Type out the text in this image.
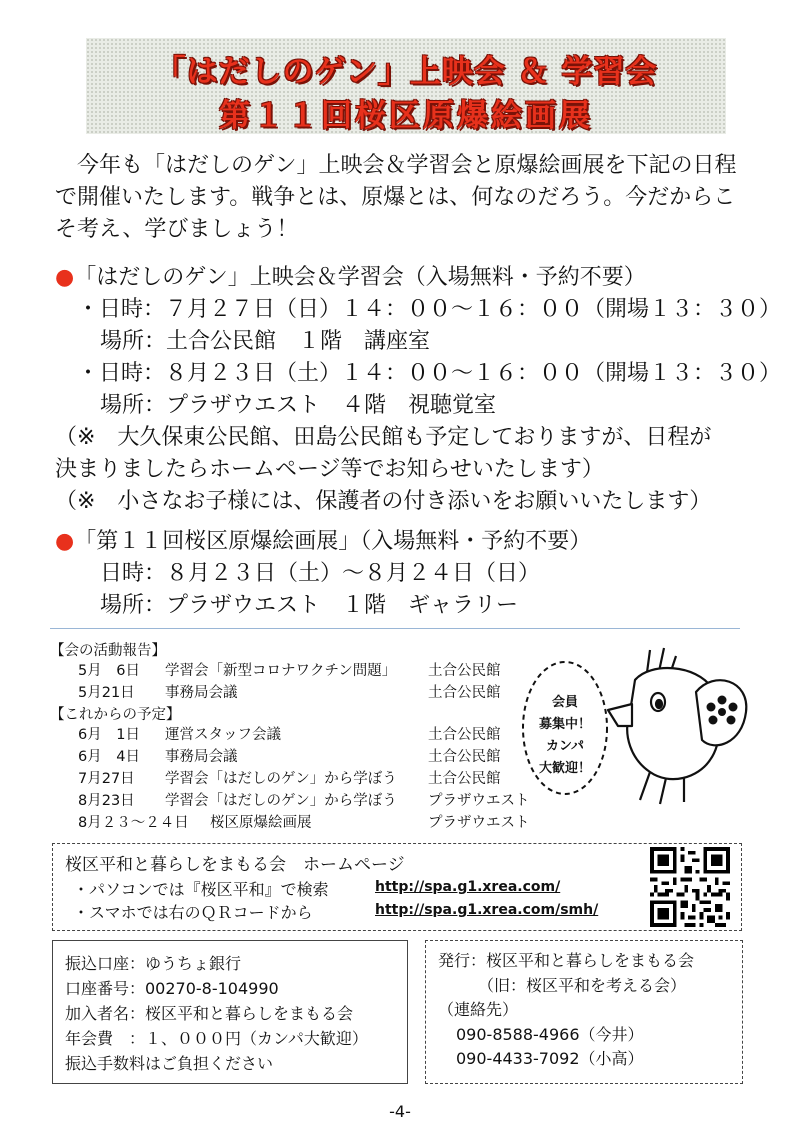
「はだしのゲン」上映会 ＆ 学習会
第１１回桜区原爆絵画展

　今年も「はだしのゲン」上映会＆学習会と原爆絵画展を下記の日程で開催いたします。戦争とは、原爆とは、何なのだろう。今だからこそ考え、学びましょう！

●「はだしのゲン」上映会＆学習会（入場無料・予約不要）
・日時：７月２７日（日）１４：００～１６：００（開場１３：３０）
場所：土合公民館　１階　講座室
・日時：８月２３日（土）１４：００～１６：００（開場１３：３０）
場所：プラザウエスト　４階　視聴覚室
（※　大久保東公民館、田島公民館も予定しておりますが、日程が
決まりましたらホームページ等でお知らせいたします）
（※　小さなお子様には、保護者の付き添いをお願いいたします）
●「第１１回桜区原爆絵画展」（入場無料・予約不要）
日時：８月２３日（土）～８月２４日（日）
場所：プラザウエスト　１階　ギャラリー
【会の活動報告】
5月　6日 学習会「新型コロナワクチン問題」 土合公民館
5月21日 事務局会議	土合公民館
【これからの予定】
6月　1日 運営スタッフ会議	土合公民館
6月　4日 事務局会議	土合公民館
7月27日 学習会「はだしのゲン」から学ぼう 土合公民館
8月23日 学習会「はだしのゲン」から学ぼう プラザウエスト
8月２３～２４日 桜区原爆絵画展	プラザウエスト
会員
募集中！
カンパ
大歓迎！
桜区平和と暮らしをまもる会　ホームページ
・パソコンでは『桜区平和』で検索	http://spa.g1.xrea.com/
・スマホでは右のＱＲコードから	http://spa.g1.xrea.com/smh/
振込口座：ゆうちょ銀行
口座番号：00270-8-104990
加入者名：桜区平和と暮らしをまもる会
年会費　：１、０００円（カンパ大歓迎）
振込手数料はご負担ください
発行：桜区平和と暮らしをまもる会
（旧：桜区平和を考える会）
（連絡先）
090-8588-4966（今井）
090-4433-7092（小高）
-4-
